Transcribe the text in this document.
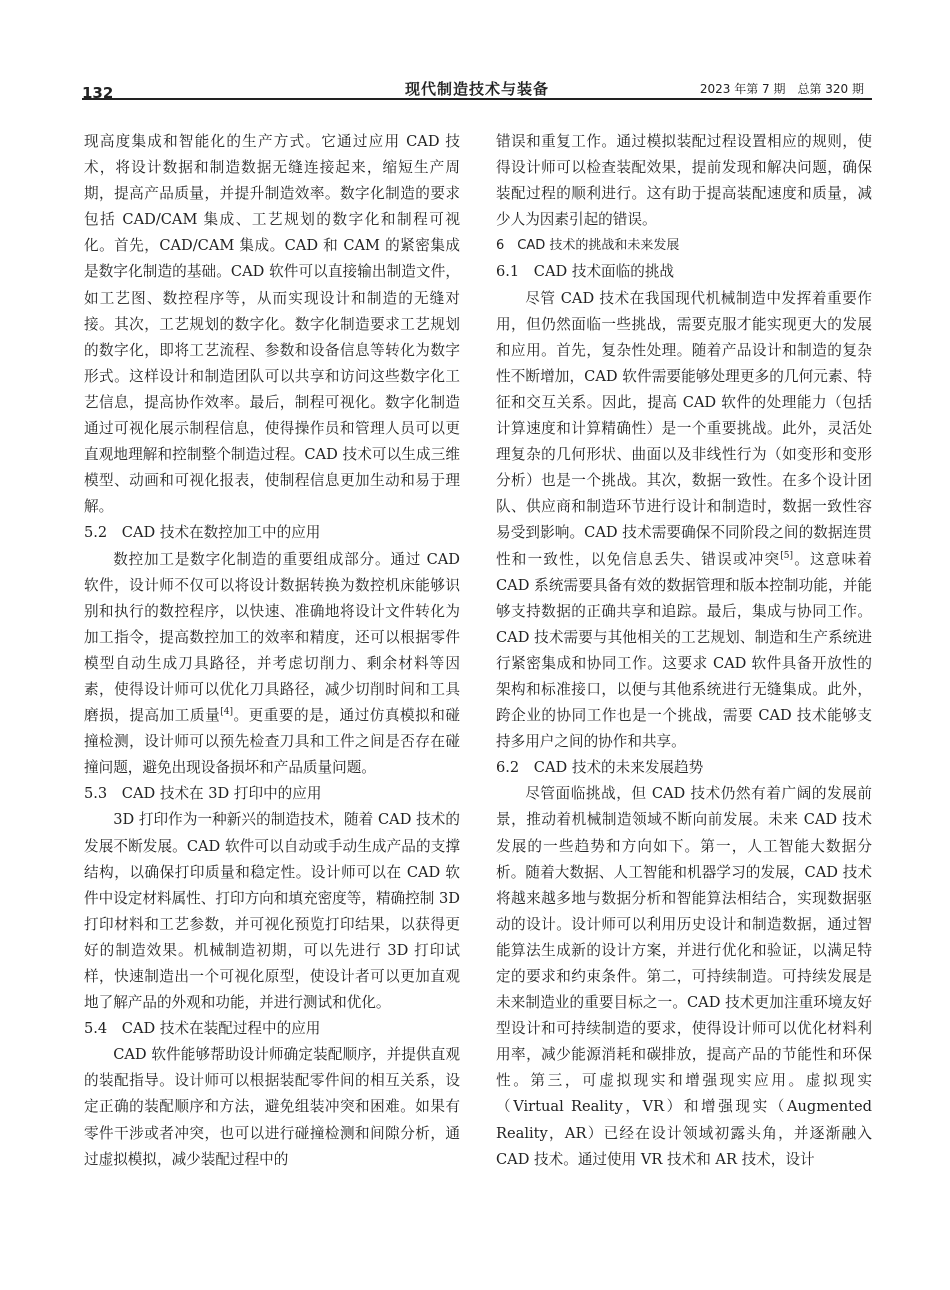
132	现代制造技术与装备	2023 年第 7 期　总第 320 期

现高度集成和智能化的生产方式。它通过应用 CAD 技术，将设计数据和制造数据无缝连接起来，缩短生产周期，提高产品质量，并提升制造效率。数字化制造的要求包括 CAD/CAM 集成、工艺规划的数字化和制程可视化。首先，CAD/CAM 集成。CAD 和 CAM 的紧密集成是数字化制造的基础。CAD 软件可以直接输出制造文件，如工艺图、数控程序等，从而实现设计和制造的无缝对接。其次，工艺规划的数字化。数字化制造要求工艺规划的数字化，即将工艺流程、参数和设备信息等转化为数字形式。这样设计和制造团队可以共享和访问这些数字化工艺信息，提高协作效率。最后，制程可视化。数字化制造通过可视化展示制程信息，使得操作员和管理人员可以更直观地理解和控制整个制造过程。CAD 技术可以生成三维模型、动画和可视化报表，使制程信息更加生动和易于理解。

5.2　CAD 技术在数控加工中的应用

数控加工是数字化制造的重要组成部分。通过 CAD 软件，设计师不仅可以将设计数据转换为数控机床能够识别和执行的数控程序，以快速、准确地将设计文件转化为加工指令，提高数控加工的效率和精度，还可以根据零件模型自动生成刀具路径，并考虑切削力、剩余材料等因素，使得设计师可以优化刀具路径，减少切削时间和工具磨损，提高加工质量[4]。更重要的是，通过仿真模拟和碰撞检测，设计师可以预先检查刀具和工件之间是否存在碰撞问题，避免出现设备损坏和产品质量问题。

5.3　CAD 技术在 3D 打印中的应用

3D 打印作为一种新兴的制造技术，随着 CAD 技术的发展不断发展。CAD 软件可以自动或手动生成产品的支撑结构，以确保打印质量和稳定性。设计师可以在 CAD 软件中设定材料属性、打印方向和填充密度等，精确控制 3D 打印材料和工艺参数，并可视化预览打印结果，以获得更好的制造效果。机械制造初期，可以先进行 3D 打印试样，快速制造出一个可视化原型，使设计者可以更加直观地了解产品的外观和功能，并进行测试和优化。

5.4　CAD 技术在装配过程中的应用

CAD 软件能够帮助设计师确定装配顺序，并提供直观的装配指导。设计师可以根据装配零件间的相互关系，设定正确的装配顺序和方法，避免组装冲突和困难。如果有零件干涉或者冲突，也可以进行碰撞检测和间隙分析，通过虚拟模拟，减少装配过程中的

错误和重复工作。通过模拟装配过程设置相应的规则，使得设计师可以检查装配效果，提前发现和解决问题，确保装配过程的顺利进行。这有助于提高装配速度和质量，减少人为因素引起的错误。

6　CAD 技术的挑战和未来发展

6.1　CAD 技术面临的挑战

尽管 CAD 技术在我国现代机械制造中发挥着重要作用，但仍然面临一些挑战，需要克服才能实现更大的发展和应用。首先，复杂性处理。随着产品设计和制造的复杂性不断增加，CAD 软件需要能够处理更多的几何元素、特征和交互关系。因此，提高 CAD 软件的处理能力（包括计算速度和计算精确性）是一个重要挑战。此外，灵活处理复杂的几何形状、曲面以及非线性行为（如变形和变形分析）也是一个挑战。其次，数据一致性。在多个设计团队、供应商和制造环节进行设计和制造时，数据一致性容易受到影响。CAD 技术需要确保不同阶段之间的数据连贯性和一致性，以免信息丢失、错误或冲突[5]。这意味着 CAD 系统需要具备有效的数据管理和版本控制功能，并能够支持数据的正确共享和追踪。最后，集成与协同工作。CAD 技术需要与其他相关的工艺规划、制造和生产系统进行紧密集成和协同工作。这要求 CAD 软件具备开放性的架构和标准接口，以便与其他系统进行无缝集成。此外，跨企业的协同工作也是一个挑战，需要 CAD 技术能够支持多用户之间的协作和共享。

6.2　CAD 技术的未来发展趋势

尽管面临挑战，但 CAD 技术仍然有着广阔的发展前景，推动着机械制造领域不断向前发展。未来 CAD 技术发展的一些趋势和方向如下。第一，人工智能大数据分析。随着大数据、人工智能和机器学习的发展，CAD 技术将越来越多地与数据分析和智能算法相结合，实现数据驱动的设计。设计师可以利用历史设计和制造数据，通过智能算法生成新的设计方案，并进行优化和验证，以满足特定的要求和约束条件。第二，可持续制造。可持续发展是未来制造业的重要目标之一。CAD 技术更加注重环境友好型设计和可持续制造的要求，使得设计师可以优化材料利用率，减少能源消耗和碳排放，提高产品的节能性和环保性。第三，可虚拟现实和增强现实应用。虚拟现实（Virtual Reality，VR）和增强现实（Augmented Reality，AR）已经在设计领域初露头角，并逐渐融入 CAD 技术。通过使用 VR 技术和 AR 技术，设计
